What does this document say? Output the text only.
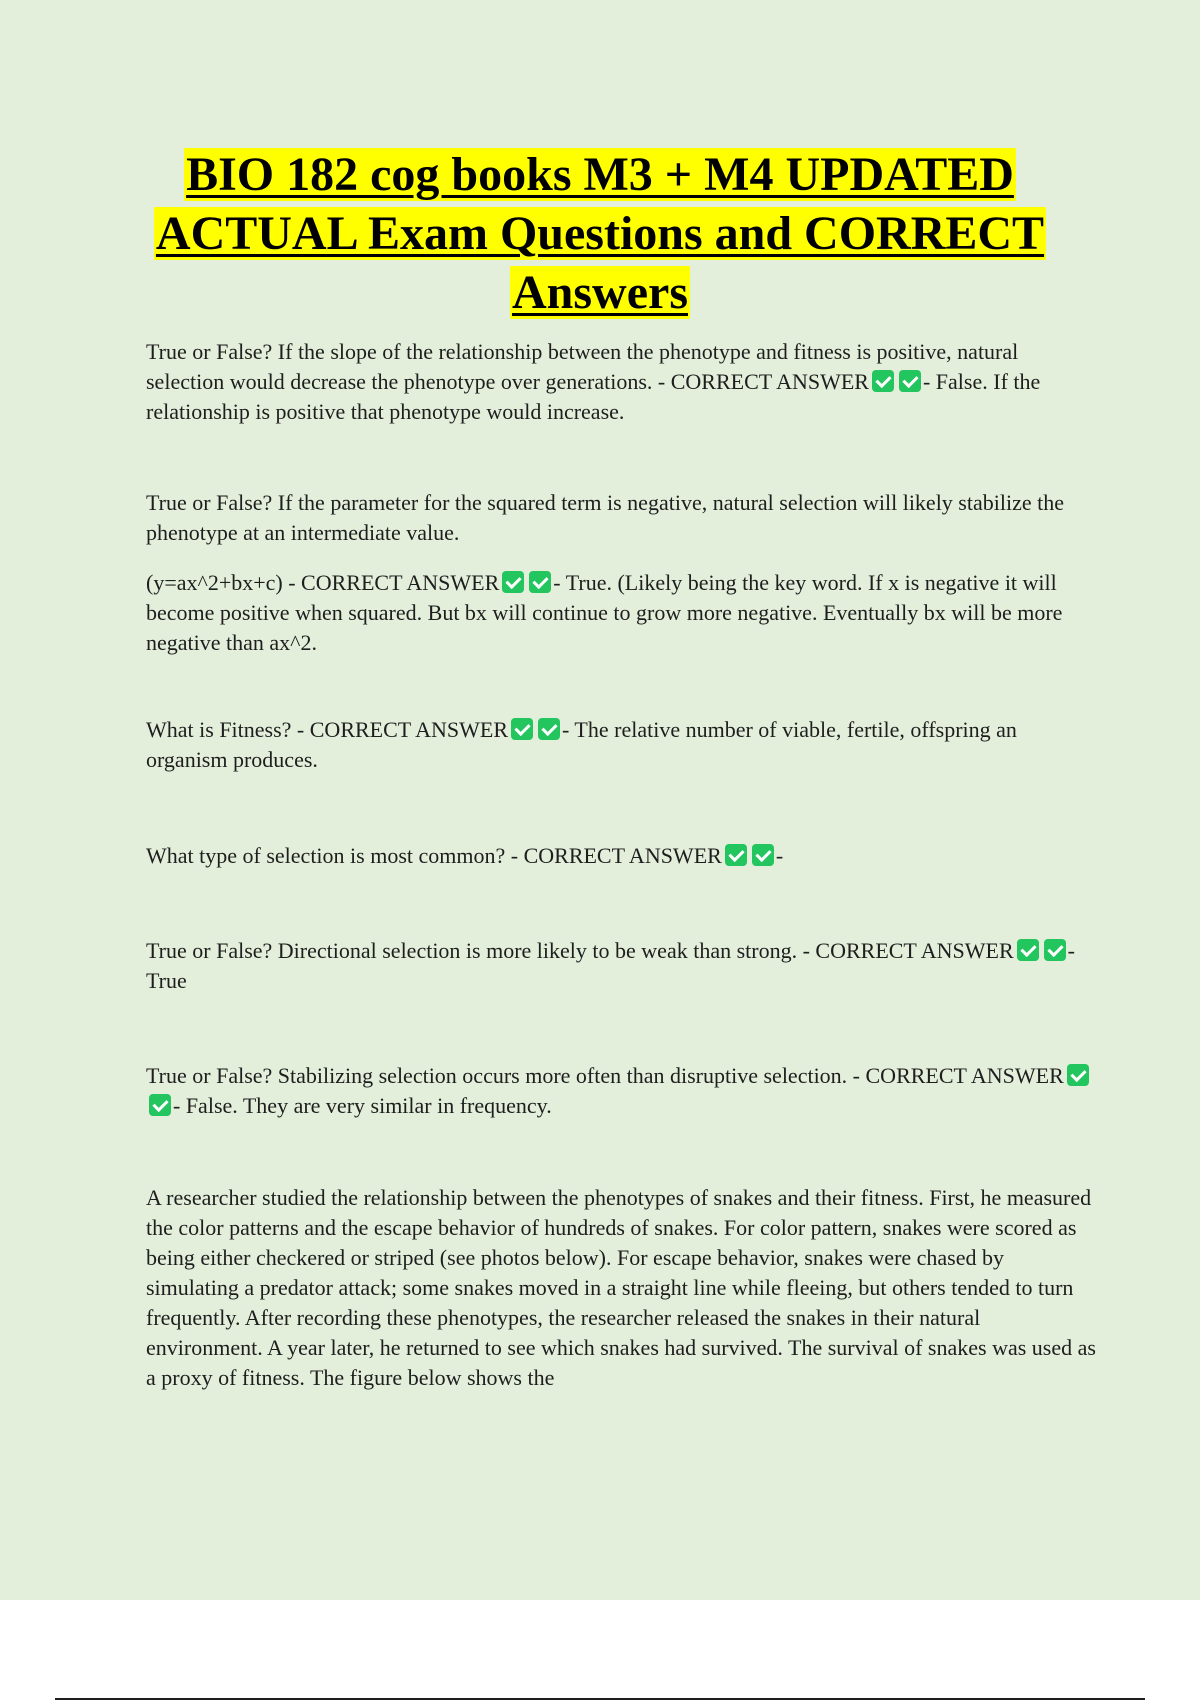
BIO 182 cog books M3 + M4 UPDATED
ACTUAL Exam Questions and CORRECT
Answers

True or False? If the slope of the relationship between the phenotype and fitness is positive, natural selection would decrease the phenotype over generations. - CORRECT ANSWER - False. If the relationship is positive that phenotype would increase.

True or False? If the parameter for the squared term is negative, natural selection will likely stabilize the phenotype at an intermediate value.

(y=ax^2+bx+c) - CORRECT ANSWER - True. (Likely being the key word. If x is negative it will become positive when squared. But bx will continue to grow more negative. Eventually bx will be more negative than ax^2.

What is Fitness? - CORRECT ANSWER - The relative number of viable, fertile, offspring an organism produces.

What type of selection is most common? - CORRECT ANSWER -

True or False? Directional selection is more likely to be weak than strong. - CORRECT ANSWER - True

True or False? Stabilizing selection occurs more often than disruptive selection. - CORRECT ANSWER- False. They are very similar in frequency.

A researcher studied the relationship between the phenotypes of snakes and their fitness. First, he measured the color patterns and the escape behavior of hundreds of snakes. For color pattern, snakes were scored as being either checkered or striped (see photos below). For escape behavior, snakes were chased by simulating a predator attack; some snakes moved in a straight line while fleeing, but others tended to turn frequently. After recording these phenotypes, the researcher released the snakes in their natural environment. A year later, he returned to see which snakes had survived. The survival of snakes was used as a proxy of fitness. The figure below shows the
